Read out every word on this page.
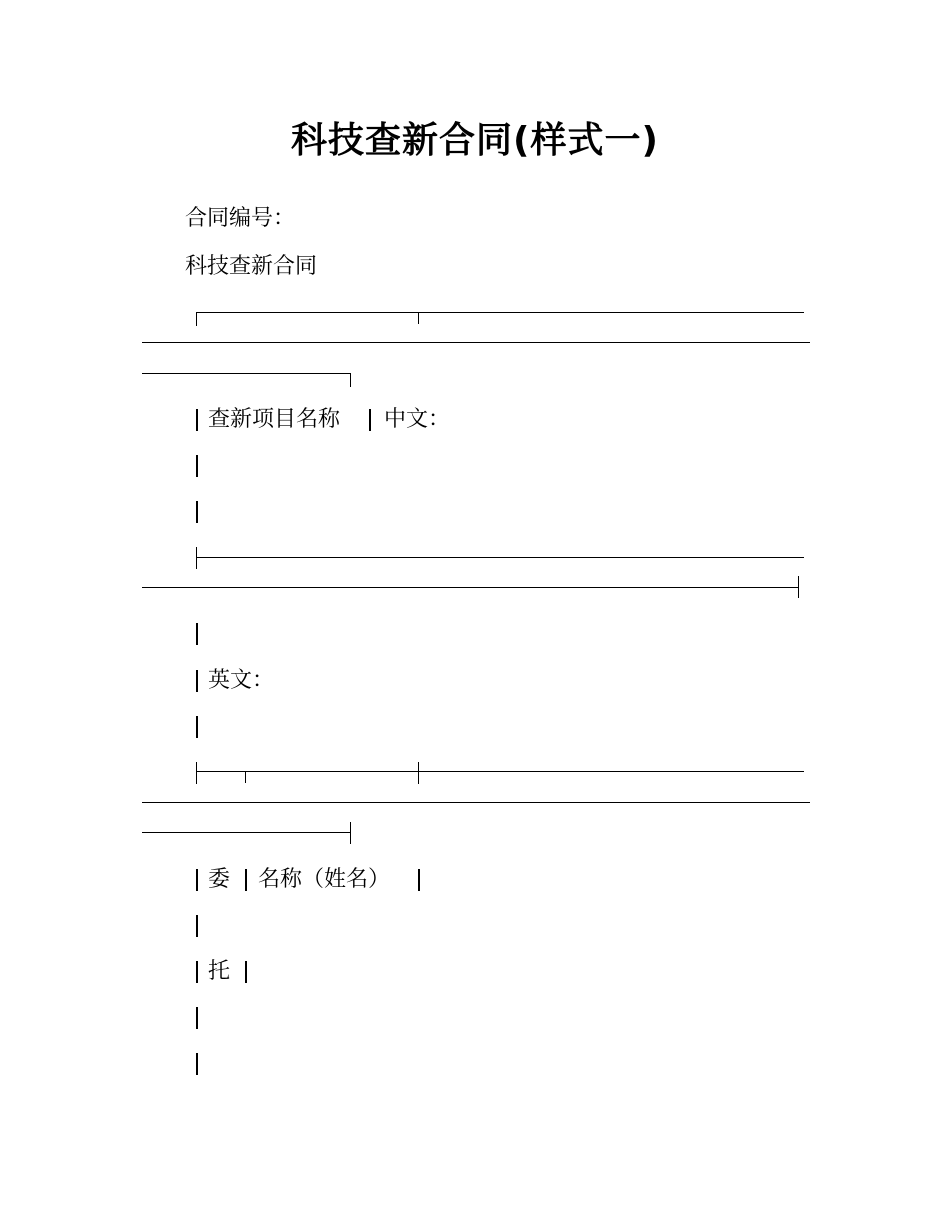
科技查新合同(样式一)
合同编号：
科技查新合同
查新项目名称 中文：
英文：
委 名称（姓名）
托
